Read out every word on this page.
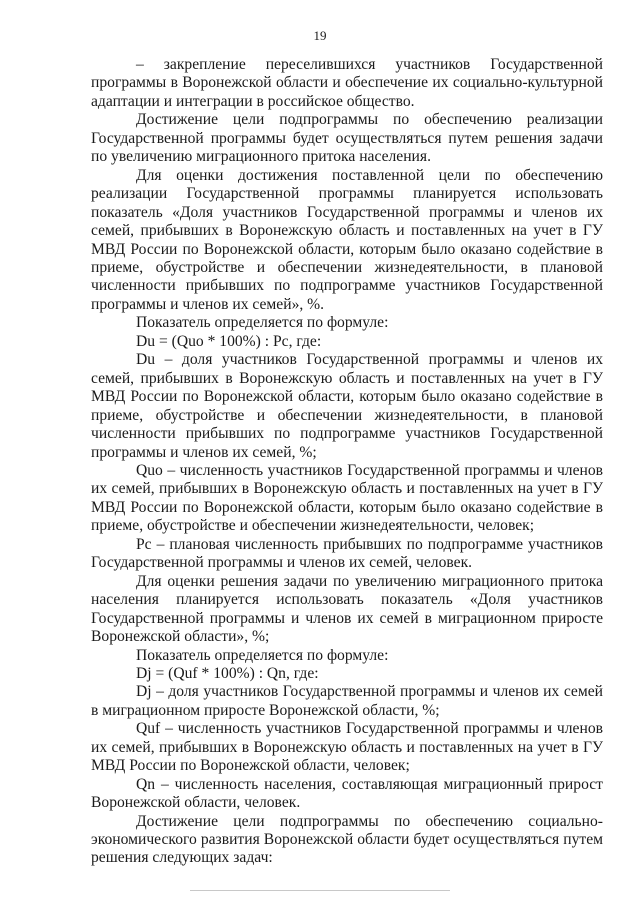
19

– закрепление переселившихся участников Государственной программы в Воронежской области и обеспечение их социально-культурной адаптации и интеграции в российское общество.

Достижение цели подпрограммы по обеспечению реализации Государственной программы будет осуществляться путем решения задачи по увеличению миграционного притока населения.

Для оценки достижения поставленной цели по обеспечению реализации Государственной программы планируется использовать показатель «Доля участников Государственной программы и членов их семей, прибывших в Воронежскую область и поставленных на учет в ГУ МВД России по Воронежской области, которым было оказано содействие в приеме, обустройстве и обеспечении жизнедеятельности, в плановой численности прибывших по подпрограмме участников Государственной программы и членов их семей», %.

Показатель определяется по формуле:

Du = (Quo * 100%) : Pc, где:

Du – доля участников Государственной программы и членов их семей, прибывших в Воронежскую область и поставленных на учет в ГУ МВД России по Воронежской области, которым было оказано содействие в приеме, обустройстве и обеспечении жизнедеятельности, в плановой численности прибывших по подпрограмме участников Государственной программы и членов их семей, %;

Quo – численность участников Государственной программы и членов их семей, прибывших в Воронежскую область и поставленных на учет в ГУ МВД России по Воронежской области, которым было оказано содействие в приеме, обустройстве и обеспечении жизнедеятельности, человек;

Pc – плановая численность прибывших по подпрограмме участников Государственной программы и членов их семей, человек.

Для оценки решения задачи по увеличению миграционного притока населения планируется использовать показатель «Доля участников Государственной программы и членов их семей в миграционном приросте Воронежской области», %;

Показатель определяется по формуле:

Dj = (Quf * 100%) : Qn, где:

Dj – доля участников Государственной программы и членов их семей в миграционном приросте Воронежской области, %;

Quf – численность участников Государственной программы и членов их семей, прибывших в Воронежскую область и поставленных на учет в ГУ МВД России по Воронежской области, человек;

Qn – численность населения, составляющая миграционный прирост Воронежской области, человек.

Достижение цели подпрограммы по обеспечению социально-экономического развития Воронежской области будет осуществляться путем решения следующих задач:
